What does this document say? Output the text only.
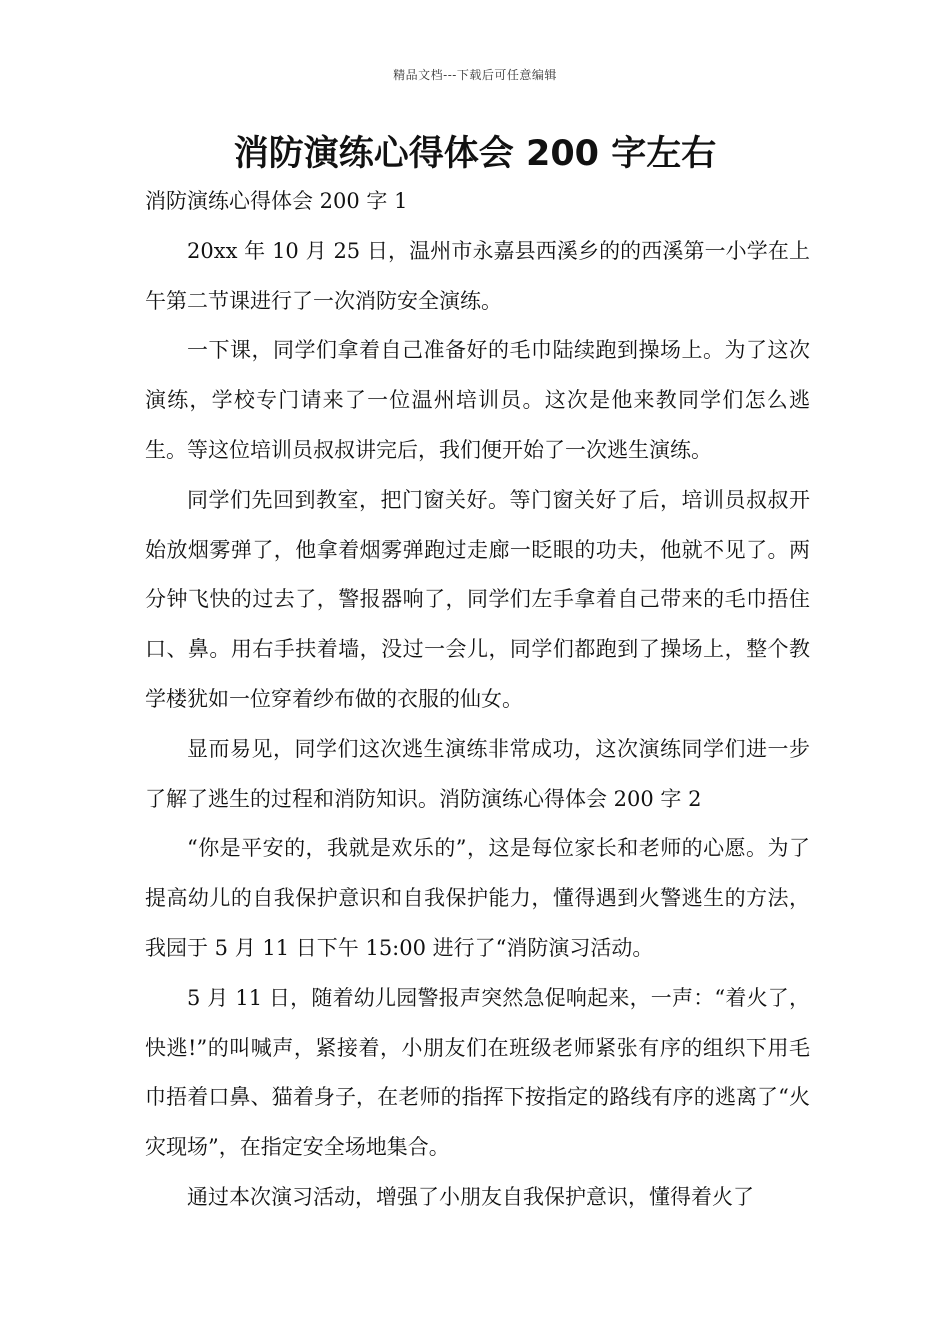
精品文档---下载后可任意编辑
消防演练心得体会 200 字左右

消防演练心得体会 200 字 1

20xx 年 10 月 25 日，温州市永嘉县西溪乡的的西溪第一小学在上午第二节课进行了一次消防安全演练。

一下课，同学们拿着自己准备好的毛巾陆续跑到操场上。为了这次演练，学校专门请来了一位温州培训员。这次是他来教同学们怎么逃生。等这位培训员叔叔讲完后，我们便开始了一次逃生演练。

同学们先回到教室，把门窗关好。等门窗关好了后，培训员叔叔开始放烟雾弹了，他拿着烟雾弹跑过走廊一眨眼的功夫，他就不见了。两分钟飞快的过去了，警报器响了，同学们左手拿着自己带来的毛巾捂住口、鼻。用右手扶着墙，没过一会儿，同学们都跑到了操场上，整个教学楼犹如一位穿着纱布做的衣服的仙女。

显而易见，同学们这次逃生演练非常成功，这次演练同学们进一步了解了逃生的过程和消防知识。消防演练心得体会 200 字 2

“你是平安的，我就是欢乐的”，这是每位家长和老师的心愿。为了提高幼儿的自我保护意识和自我保护能力，懂得遇到火警逃生的方法，我园于 5 月 11 日下午 15:00 进行了“消防演习活动。

5 月 11 日，随着幼儿园警报声突然急促响起来，一声：“着火了，快逃!”的叫喊声，紧接着，小朋友们在班级老师紧张有序的组织下用毛巾捂着口鼻、猫着身子，在老师的指挥下按指定的路线有序的逃离了“火灾现场”，在指定安全场地集合。

通过本次演习活动，增强了小朋友自我保护意识，懂得着火了
